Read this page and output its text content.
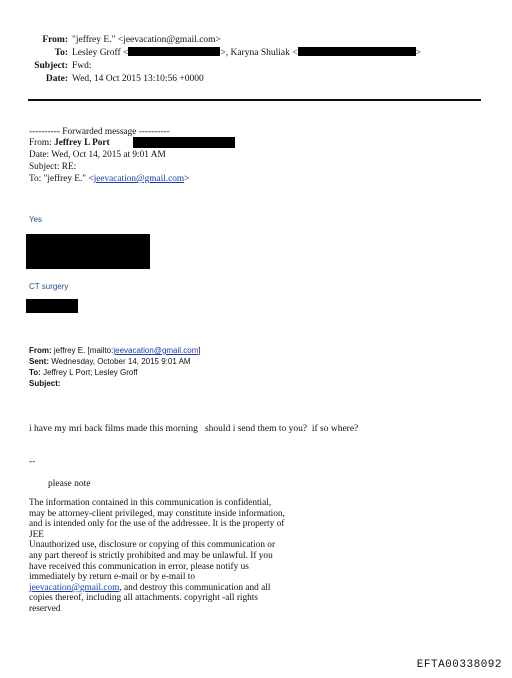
From: "jeffrey E." <jeevacation@gmail.com>
To: Lesley Groff <	>, Karyna Shuliak <	>
Subject: Fwd:
Date: Wed, 14 Oct 2015 13:10:56 +0000
---------- Forwarded message ----------
From: Jeffrey L Port
Date: Wed, Oct 14, 2015 at 9:01 AM
Subject: RE:
To: "jeffrey E." <jeevacation@gmail.com>
Yes
CT surgery
From: jeffrey E. [mailto:jeevacation@gmail.com]
Sent: Wednesday, October 14, 2015 9:01 AM
To: Jeffrey L Port; Lesley Groff
Subject:
i have my mri back films made this morning   should i send them to you?  if so where?
--
please note
The information contained in this communication is confidential, may be attorney-client privileged, may constitute inside information, and is intended only for the use of the addressee. It is the property of
JEE
Unauthorized use, disclosure or copying of this communication or any part thereof is strictly prohibited and may be unlawful. If you have received this communication in error, please notify us immediately by return e-mail or by e-mail to jeevacation@gmail.com, and destroy this communication and all copies thereof, including all attachments. copyright -all rights reserved
EFTA00338092
